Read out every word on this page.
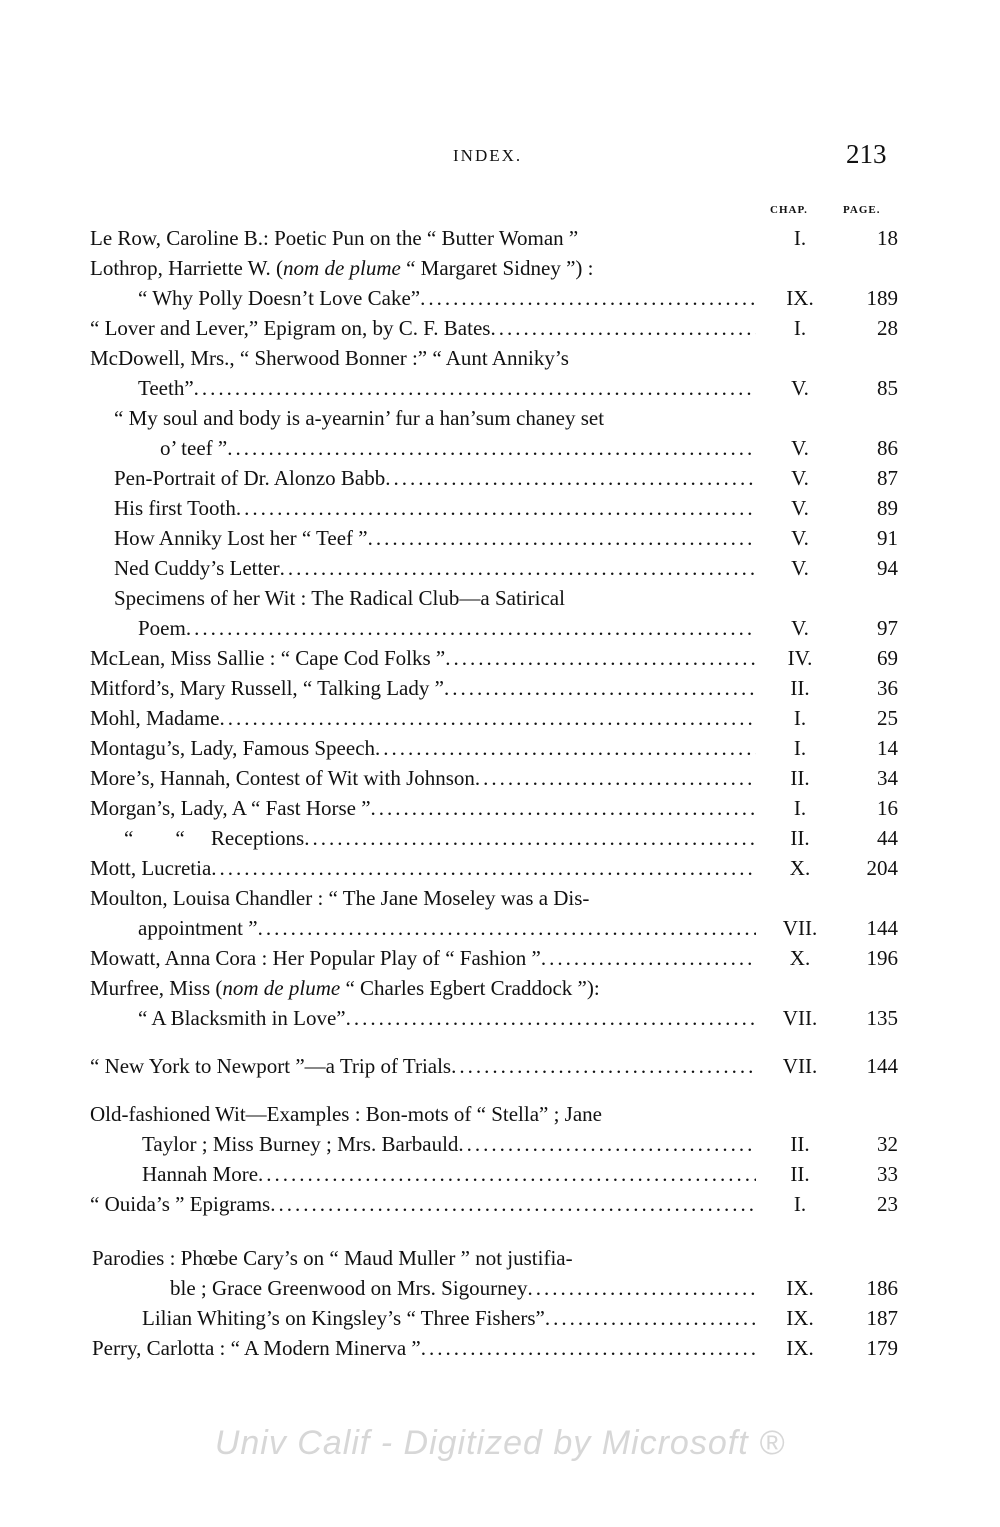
INDEX.	213
CHAP.	PAGE.
Le Row, Caroline B.: Poetic Pun on the “ Butter Woman ”	I.	18
Lothrop, Harriette W. (nom de plume “ Margaret Sidney ”) :
“ Why Polly Doesn’t Love Cake” .....	IX.	189
“ Lover and Lever,” Epigram on, by C. F. Bates .....	I.	28
McDowell, Mrs., “ Sherwood Bonner :” “ Aunt Anniky’s
Teeth” .....	V.	85
“ My soul and body is a-yearnin’ fur a han’sum chaney set
o’ teef ” .....	V.	86
Pen-Portrait of Dr. Alonzo Babb .....	V.	87
His first Tooth .....	V.	89
How Anniky Lost her “ Teef ” .....	V.	91
Ned Cuddy’s Letter .....	V.	94
Specimens of her Wit : The Radical Club—a Satirical
Poem .....	V.	97
McLean, Miss Sallie : “ Cape Cod Folks ” .....	IV.	69
Mitford’s, Mary Russell, “ Talking Lady ” .....	II.	36
Mohl, Madame .....	I.	25
Montagu’s, Lady, Famous Speech .....	I.	14
More’s, Hannah, Contest of Wit with Johnson .....	II.	34
Morgan’s, Lady, A “ Fast Horse ” .....	I.	16
“        “     Receptions .....	II.	44
Mott, Lucretia .....	X.	204
Moulton, Louisa Chandler : “ The Jane Moseley was a Dis-
appointment ” .....	VII.	144
Mowatt, Anna Cora : Her Popular Play of “ Fashion ” .....	X.	196
Murfree, Miss (nom de plume “ Charles Egbert Craddock ”):
“ A Blacksmith in Love” .....	VII.	135
“ New York to Newport ”—a Trip of Trials .....	VII.	144
Old-fashioned Wit—Examples : Bon-mots of “ Stella” ; Jane
Taylor ; Miss Burney ; Mrs. Barbauld .....	II.	32
Hannah More .....	II.	33
“ Ouida’s ” Epigrams .....	I.	23
Parodies : Phœbe Cary’s on “ Maud Muller ” not justifia-
ble ; Grace Greenwood on Mrs. Sigourney .....	IX.	186
Lilian Whiting’s on Kingsley’s “ Three Fishers” .....	IX.	187
Perry, Carlotta : “ A Modern Minerva ” .....	IX.	179
Univ Calif - Digitized by Microsoft ®
